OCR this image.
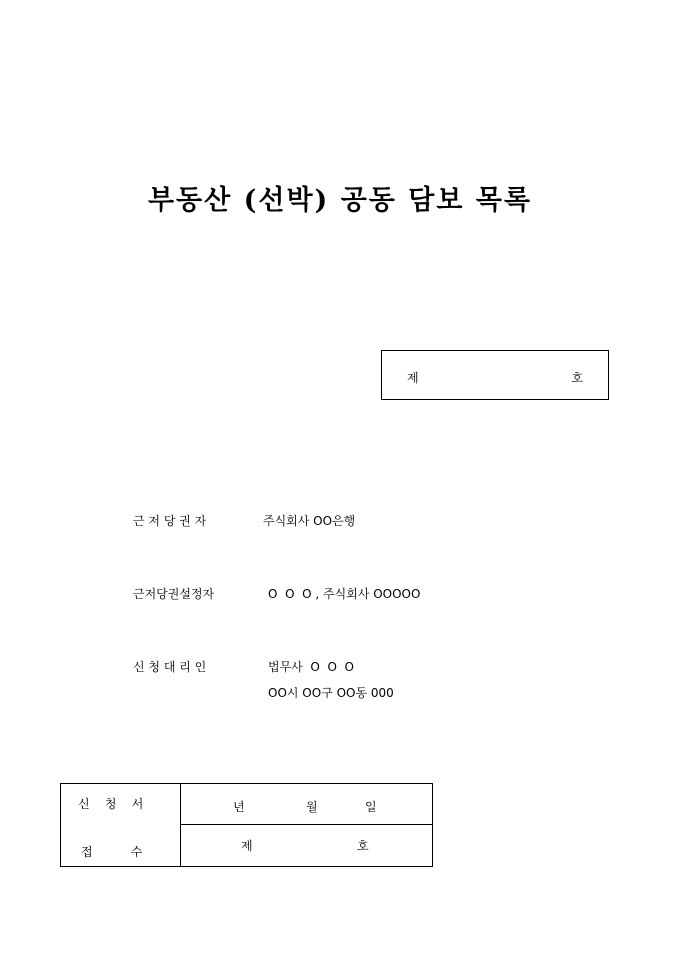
부동산 (선박) 공동 담보 목록
제	호
근 저 당 권 자	주식회사 OO은행
근저당권설정자	O  O  O , 주식회사 OOOOO
신 청 대 리 인	법무사  O  O  O
OO시 OO구 OO동 000
신    청    서	년	월	일
접          수	제	호
